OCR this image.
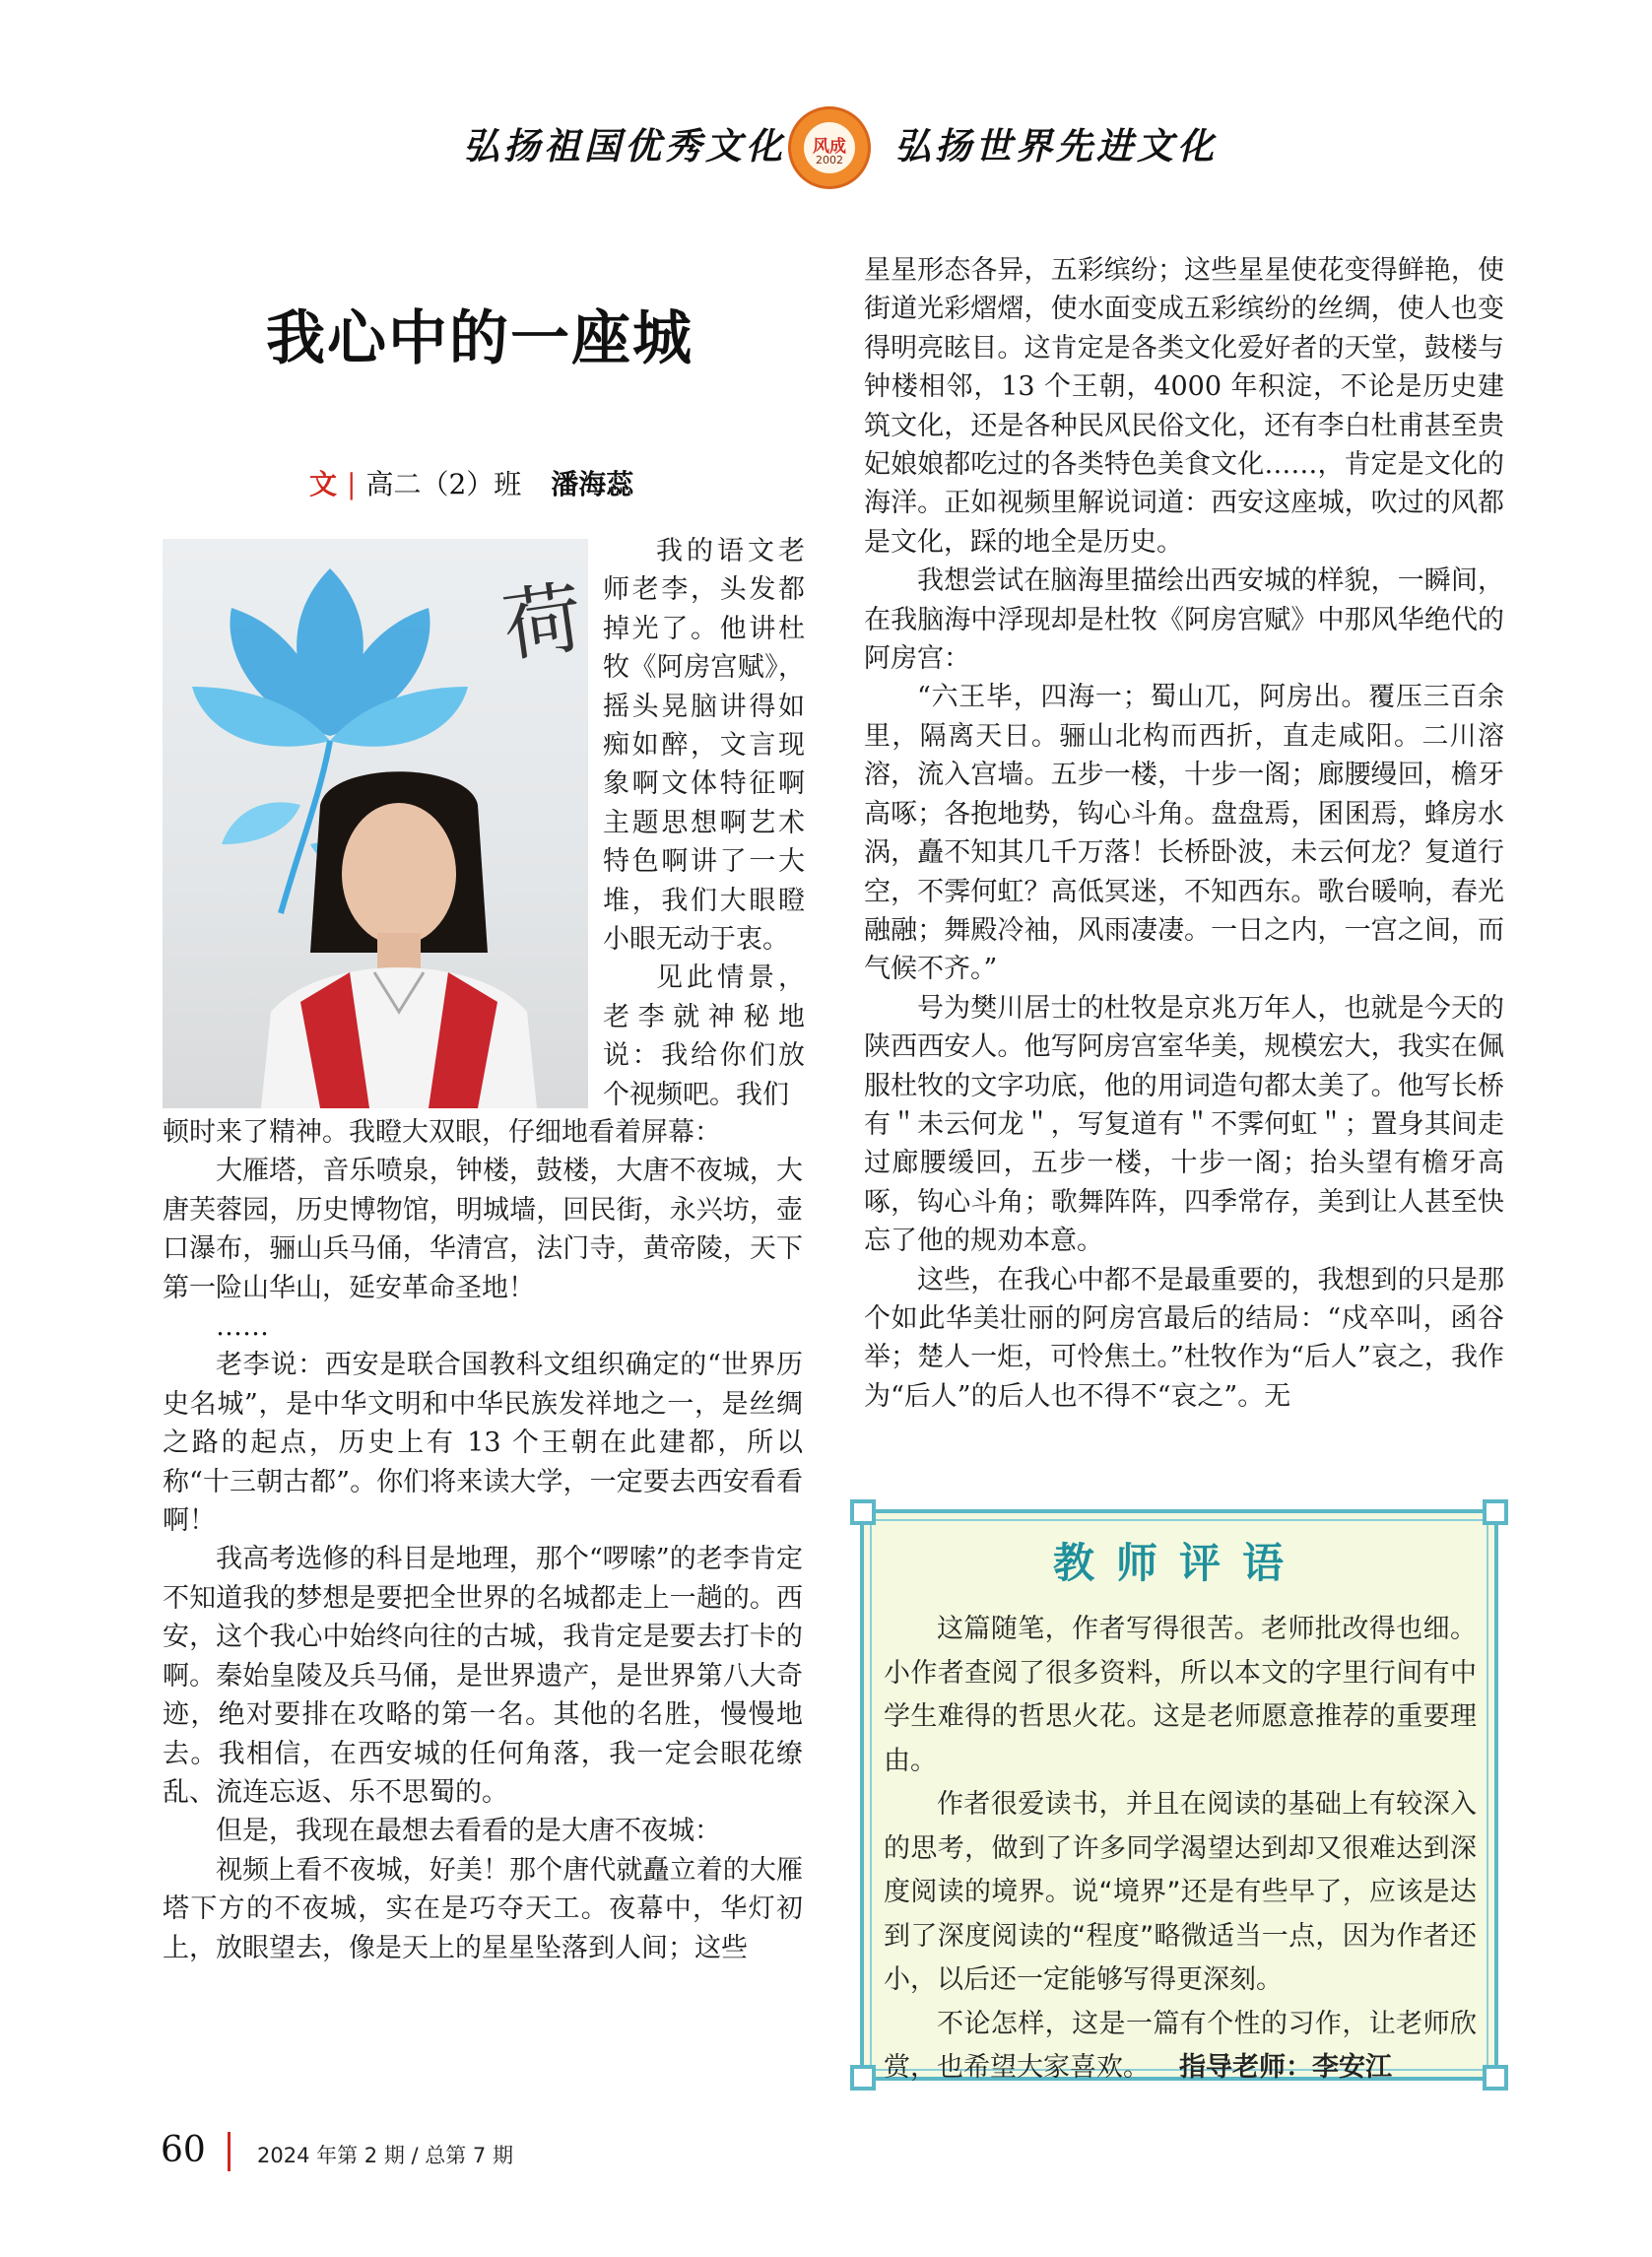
弘扬祖国优秀文化	风成
2002	弘扬世界先进文化
我心中的一座城
文 | 高二（2）班 潘海蕊
荷

我的语文老师老李，头发都掉光了。他讲杜牧《阿房宫赋》，摇头晃脑讲得如痴如醉，文言现象啊文体特征啊主题思想啊艺术特色啊讲了一大堆，我们大眼瞪小眼无动于衷。

见此情景，老李就神秘地说：我给你们放个视频吧。我们

顿时来了精神。我瞪大双眼，仔细地看着屏幕：

大雁塔，音乐喷泉，钟楼，鼓楼，大唐不夜城，大唐芙蓉园，历史博物馆，明城墙，回民街，永兴坊，壶口瀑布，骊山兵马俑，华清宫，法门寺，黄帝陵，天下第一险山华山，延安革命圣地！

……

老李说：西安是联合国教科文组织确定的“世界历史名城”，是中华文明和中华民族发祥地之一，是丝绸之路的起点，历史上有 13 个王朝在此建都，所以称“十三朝古都”。你们将来读大学，一定要去西安看看啊！

我高考选修的科目是地理，那个“啰嗦”的老李肯定不知道我的梦想是要把全世界的名城都走上一趟的。西安，这个我心中始终向往的古城，我肯定是要去打卡的啊。秦始皇陵及兵马俑，是世界遗产，是世界第八大奇迹，绝对要排在攻略的第一名。其他的名胜，慢慢地去。我相信，在西安城的任何角落，我一定会眼花缭乱、流连忘返、乐不思蜀的。

但是，我现在最想去看看的是大唐不夜城：

视频上看不夜城，好美！那个唐代就矗立着的大雁塔下方的不夜城，实在是巧夺天工。夜幕中，华灯初上，放眼望去，像是天上的星星坠落到人间；这些

星星形态各异，五彩缤纷；这些星星使花变得鲜艳，使街道光彩熠熠，使水面变成五彩缤纷的丝绸，使人也变得明亮眩目。这肯定是各类文化爱好者的天堂，鼓楼与钟楼相邻，13 个王朝，4000 年积淀，不论是历史建筑文化，还是各种民风民俗文化，还有李白杜甫甚至贵妃娘娘都吃过的各类特色美食文化……，肯定是文化的海洋。正如视频里解说词道：西安这座城，吹过的风都是文化，踩的地全是历史。

我想尝试在脑海里描绘出西安城的样貌，一瞬间，在我脑海中浮现却是杜牧《阿房宫赋》中那风华绝代的阿房宫：

“六王毕，四海一；蜀山兀，阿房出。覆压三百余里，隔离天日。骊山北构而西折，直走咸阳。二川溶溶，流入宫墙。五步一楼，十步一阁；廊腰缦回，檐牙高啄；各抱地势，钩心斗角。盘盘焉，囷囷焉，蜂房水涡，矗不知其几千万落！长桥卧波，未云何龙？复道行空，不霁何虹？高低冥迷，不知西东。歌台暖响，春光融融；舞殿冷袖，风雨凄凄。一日之内，一宫之间，而气候不齐。”

号为樊川居士的杜牧是京兆万年人，也就是今天的陕西西安人。他写阿房宫室华美，规模宏大，我实在佩服杜牧的文字功底，他的用词造句都太美了。他写长桥有＂未云何龙＂，写复道有＂不霁何虹＂；置身其间走过廊腰缓回，五步一楼，十步一阁；抬头望有檐牙高啄，钩心斗角；歌舞阵阵，四季常存，美到让人甚至快忘了他的规劝本意。

这些，在我心中都不是最重要的，我想到的只是那个如此华美壮丽的阿房宫最后的结局：“戍卒叫，函谷举；楚人一炬，可怜焦土。”杜牧作为“后人”哀之，我作为“后人”的后人也不得不“哀之”。无

教师评语

这篇随笔，作者写得很苦。老师批改得也细。小作者查阅了很多资料，所以本文的字里行间有中学生难得的哲思火花。这是老师愿意推荐的重要理由。

作者很爱读书，并且在阅读的基础上有较深入的思考，做到了许多同学渴望达到却又很难达到深度阅读的境界。说“境界”还是有些早了，应该是达到了深度阅读的“程度”略微适当一点，因为作者还小，以后还一定能够写得更深刻。

不论怎样，这是一篇有个性的习作，让老师欣赏，也希望大家喜欢。 指导老师：李安江

60 2024 年第 2 期 / 总第 7 期
